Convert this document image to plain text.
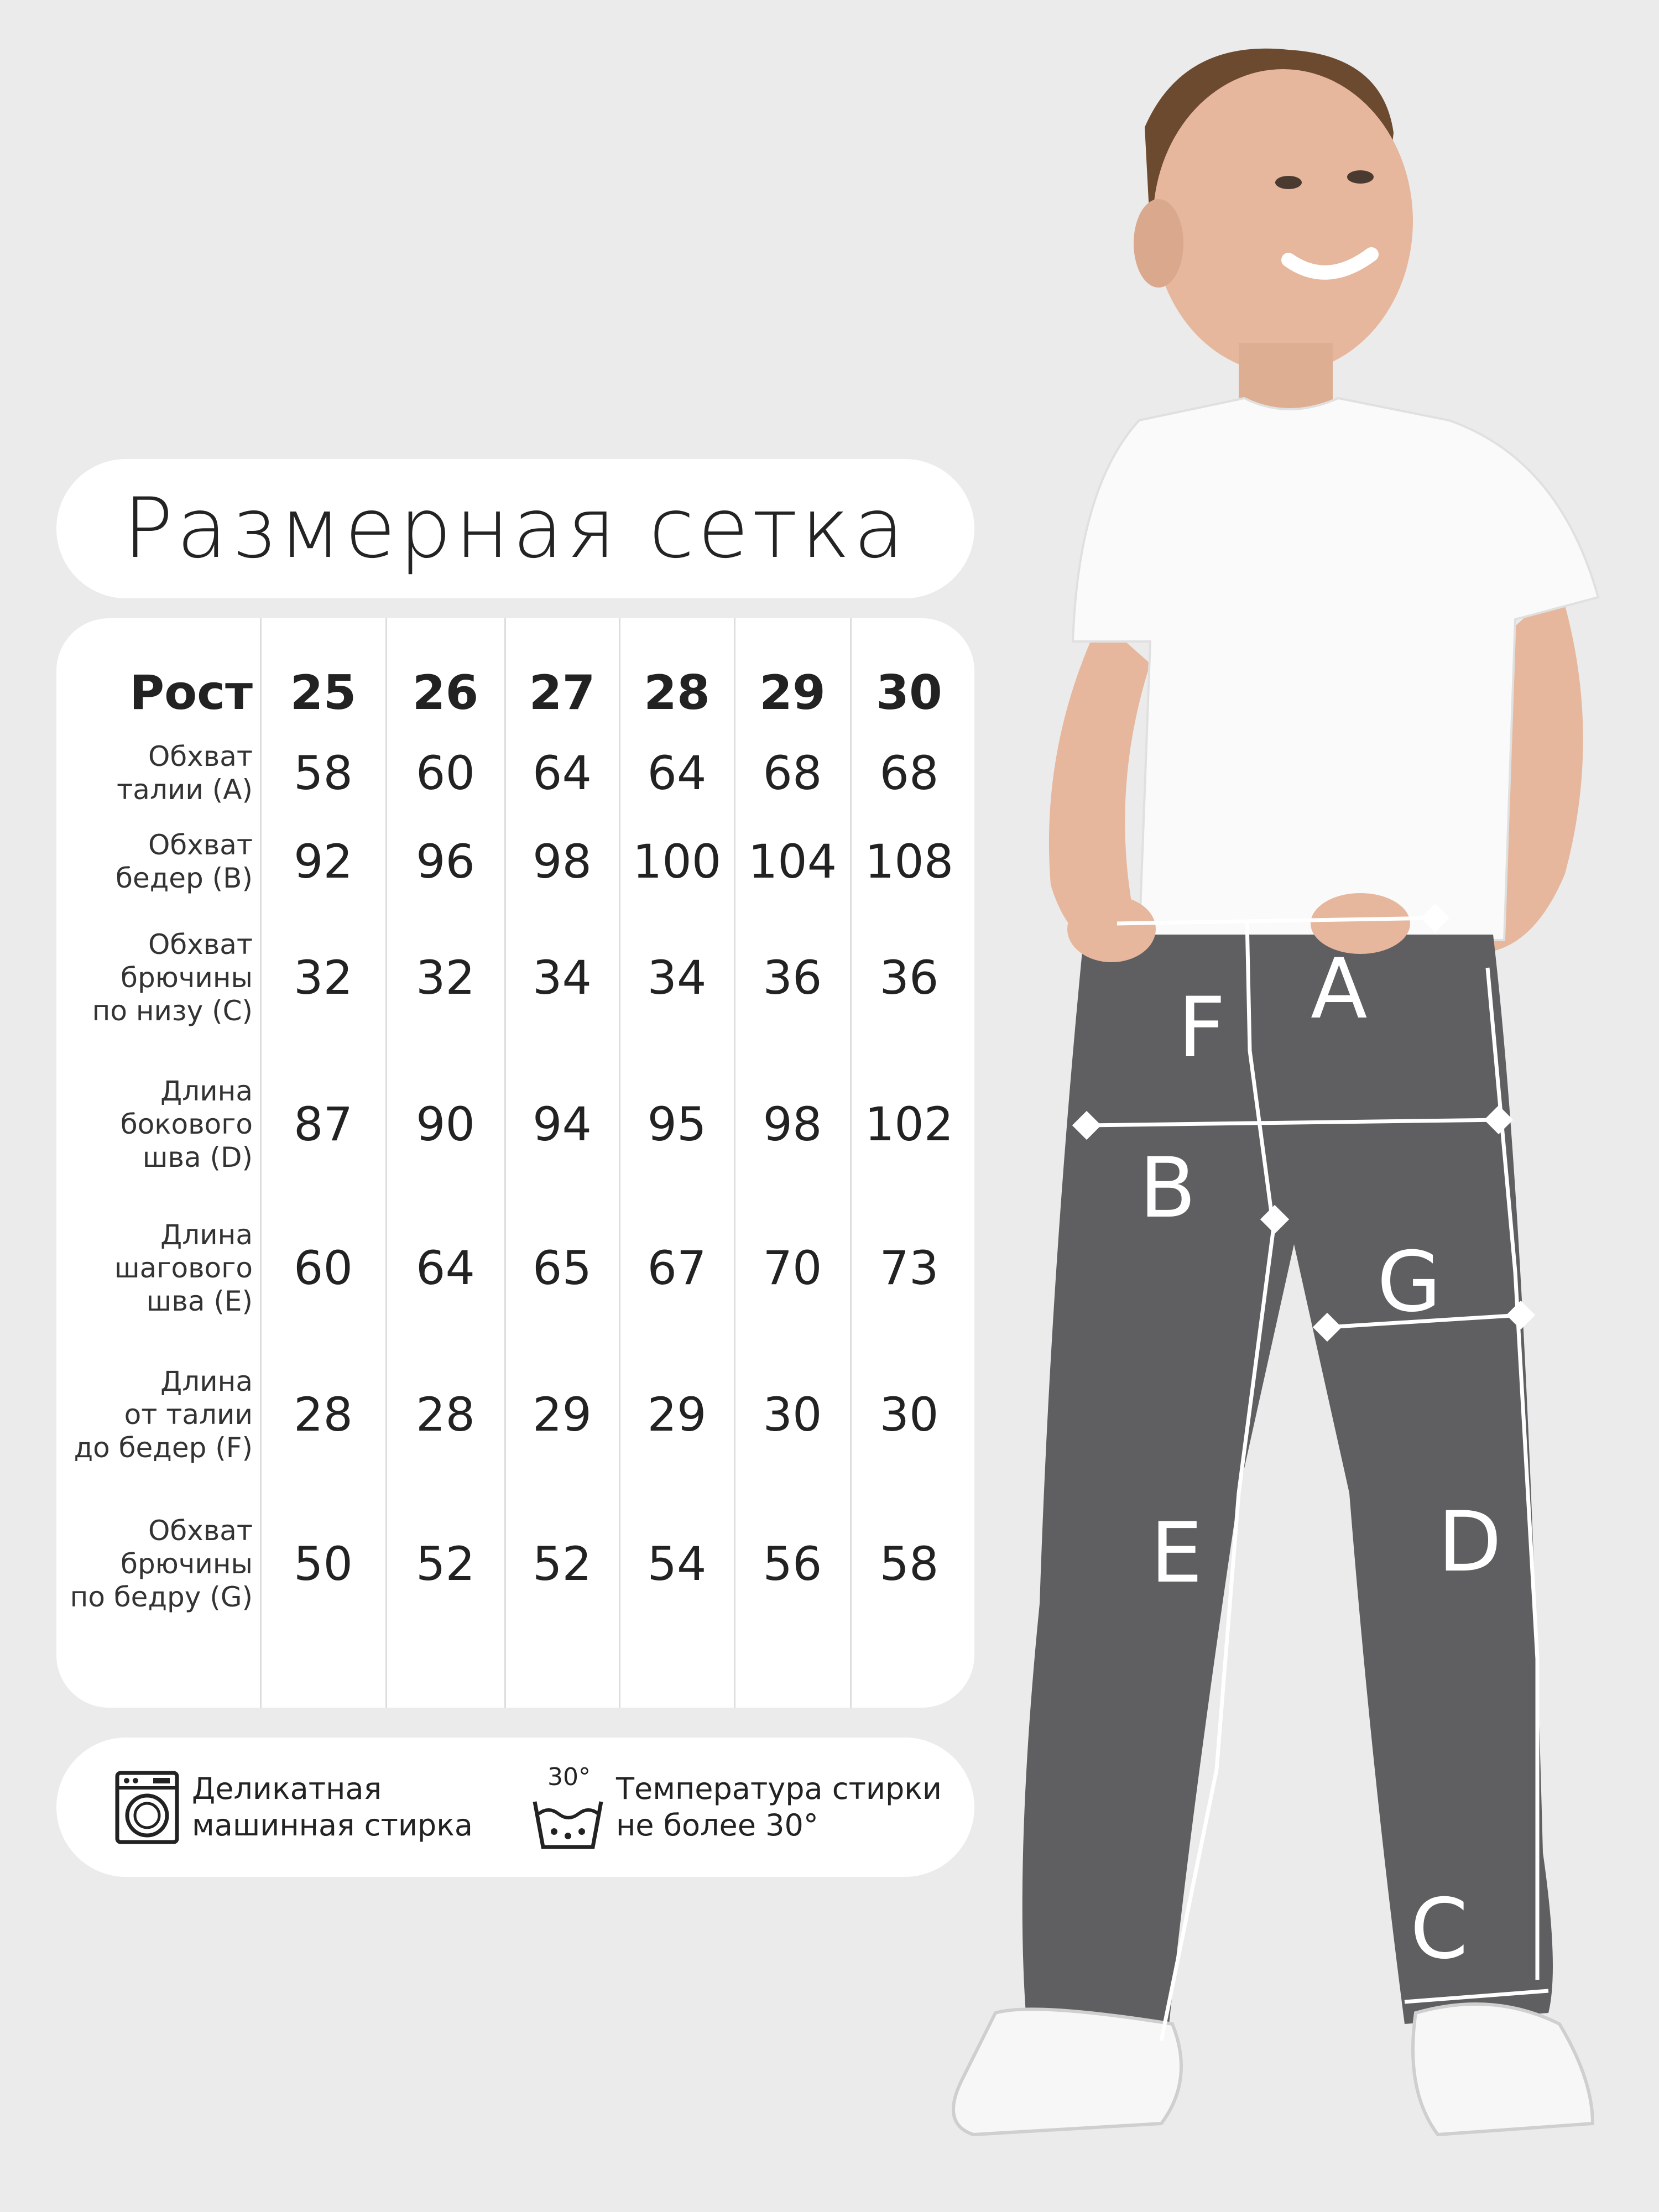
A
F
B
G
E	D
C
Размерная сетка
Рост 25	26	27	28	29	30
Обхват
талии (A) 58	60	64	64	68	68
Обхват
бедер (B) 92	96	98 100 104 108
Обхват
брючины
по низу (C)
32	32	34	34	36	36
Длина
бокового
шва (D)
87	90	94	95	98 102
Длина
шагового
шва (E)
60	64	65	67	70	73
Длина
от талии
до бедер (F)
28	28	29	29	30	30
Обхват
брючины
по бедру (G)
50	52	52	54	56	58
Деликатная
машинная стирка
30° Температура стирки
не более 30°
